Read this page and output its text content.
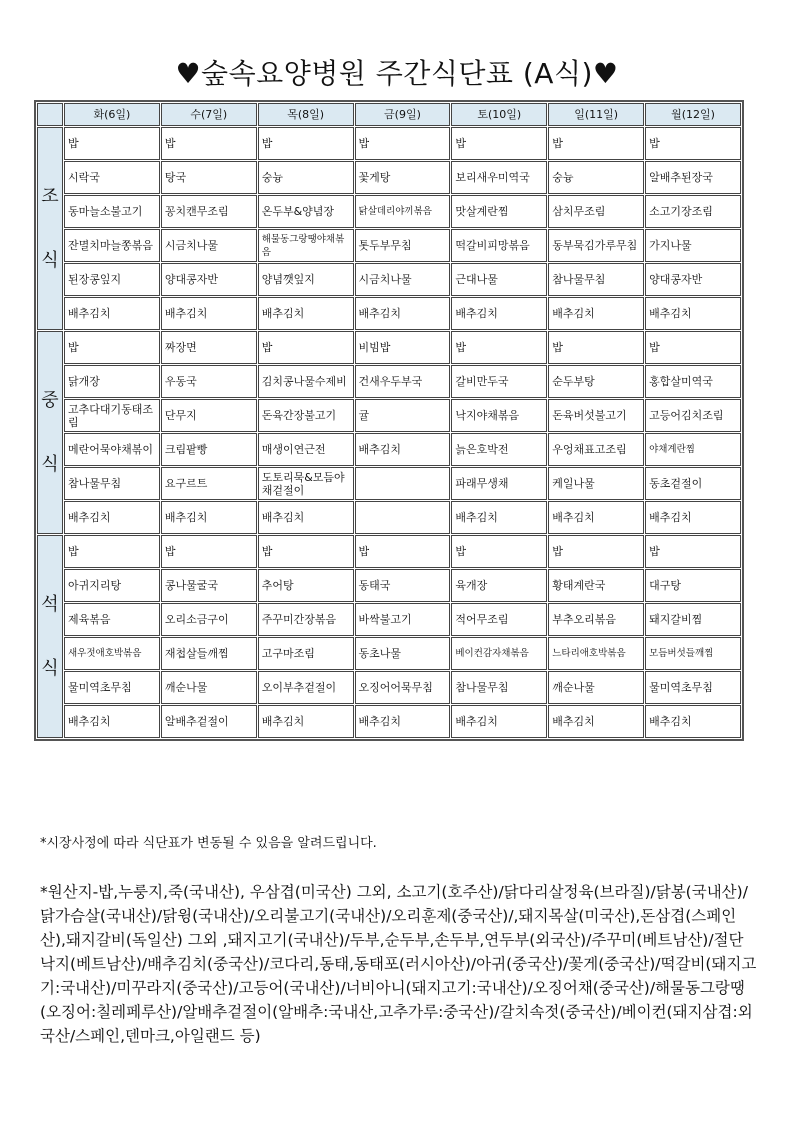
♥숲속요양병원 주간식단표 (A식)♥
	화(6일)	수(7일)	목(8일)	금(9일)	토(10일)	일(11일)	월(12일)
조

식	밥	밥	밥	밥	밥	밥	밥
	시락국	탕국	숭늉	꽃게탕	보리새우미역국	숭늉	알배추된장국
	동마늘소불고기	꽁치캔무조림	온두부&양념장	닭살데리야끼볶음	맛살계란찜	삼치무조림	소고기장조림
	잔멸치마늘쫑볶음	시금치나물	해물동그랑땡야채볶음	톳두부무침	떡갈비피망볶음	동부묵김가루무침	가지나물
	된장콩잎지	양대콩자반	양념깻잎지	시금치나물	근대나물	참나물무침	양대콩자반
	배추김치	배추김치	배추김치	배추김치	배추김치	배추김치	배추김치
중

식	밥	짜장면	밥	비빔밥	밥	밥	밥
	닭개장	우동국	김치콩나물수제비	건새우두부국	갈비만두국	순두부탕	홍합살미역국
	고추다대기동태조림	단무지	돈육간장불고기	귤	낙지야채볶음	돈육버섯불고기	고등어김치조림
	메란어묵야채볶이	크림팥빵	매생이연근전	배추김치	늙은호박전	우엉채표고조림	야채계란찜
	참나물무침	요구르트	도토리묵&모듬야채겉절이		파래무생채	케일나물	동초겉절이
	배추김치	배추김치	배추김치		배추김치	배추김치	배추김치
석

식	밥	밥	밥	밥	밥	밥	밥
	아귀지리탕	콩나물굴국	추어탕	동태국	육개장	황태계란국	대구탕
	제육볶음	오리소금구이	주꾸미간장볶음	바싹불고기	적어무조림	부추오리볶음	돼지갈비찜
	새우젓애호박볶음	재첩살들깨찜	고구마조림	동초나물	베이컨감자채볶음	느타리애호박볶음	모듬버섯들깨찜
	물미역초무침	깨순나물	오이부추겉절이	오징어어묵무침	참나물무침	깨순나물	물미역초무침
	배추김치	알배추겉절이	배추김치	배추김치	배추김치	배추김치	배추김치
*시장사정에 따라 식단표가 변동될 수 있음을 알려드립니다.
*원산지-밥,누룽지,죽(국내산), 우삼겹(미국산) 그외, 소고기(호주산)/닭다리살정육(브라질)/닭봉(국내산)/닭가슴살(국내산)/닭윙(국내산)/오리불고기(국내산)/오리훈제(중국산)/,돼지목살(미국산),돈삼겹(스페인산),돼지갈비(독일산) 그외 ,돼지고기(국내산)/두부,순두부,손두부,연두부(외국산)/주꾸미(베트남산)/절단낙지(베트남산)/배추김치(중국산)/코다리,동태,동태포(러시아산)/아귀(중국산)/꽃게(중국산)/떡갈비(돼지고기:국내산)/미꾸라지(중국산)/고등어(국내산)/너비아니(돼지고기:국내산)/오징어채(중국산)/해물동그랑땡(오징어:칠레페루산)/알배추겉절이(알배추:국내산,고추가루:중국산)/갈치속젓(중국산)/베이컨(돼지삼겹:외국산/스페인,덴마크,아일랜드 등)
